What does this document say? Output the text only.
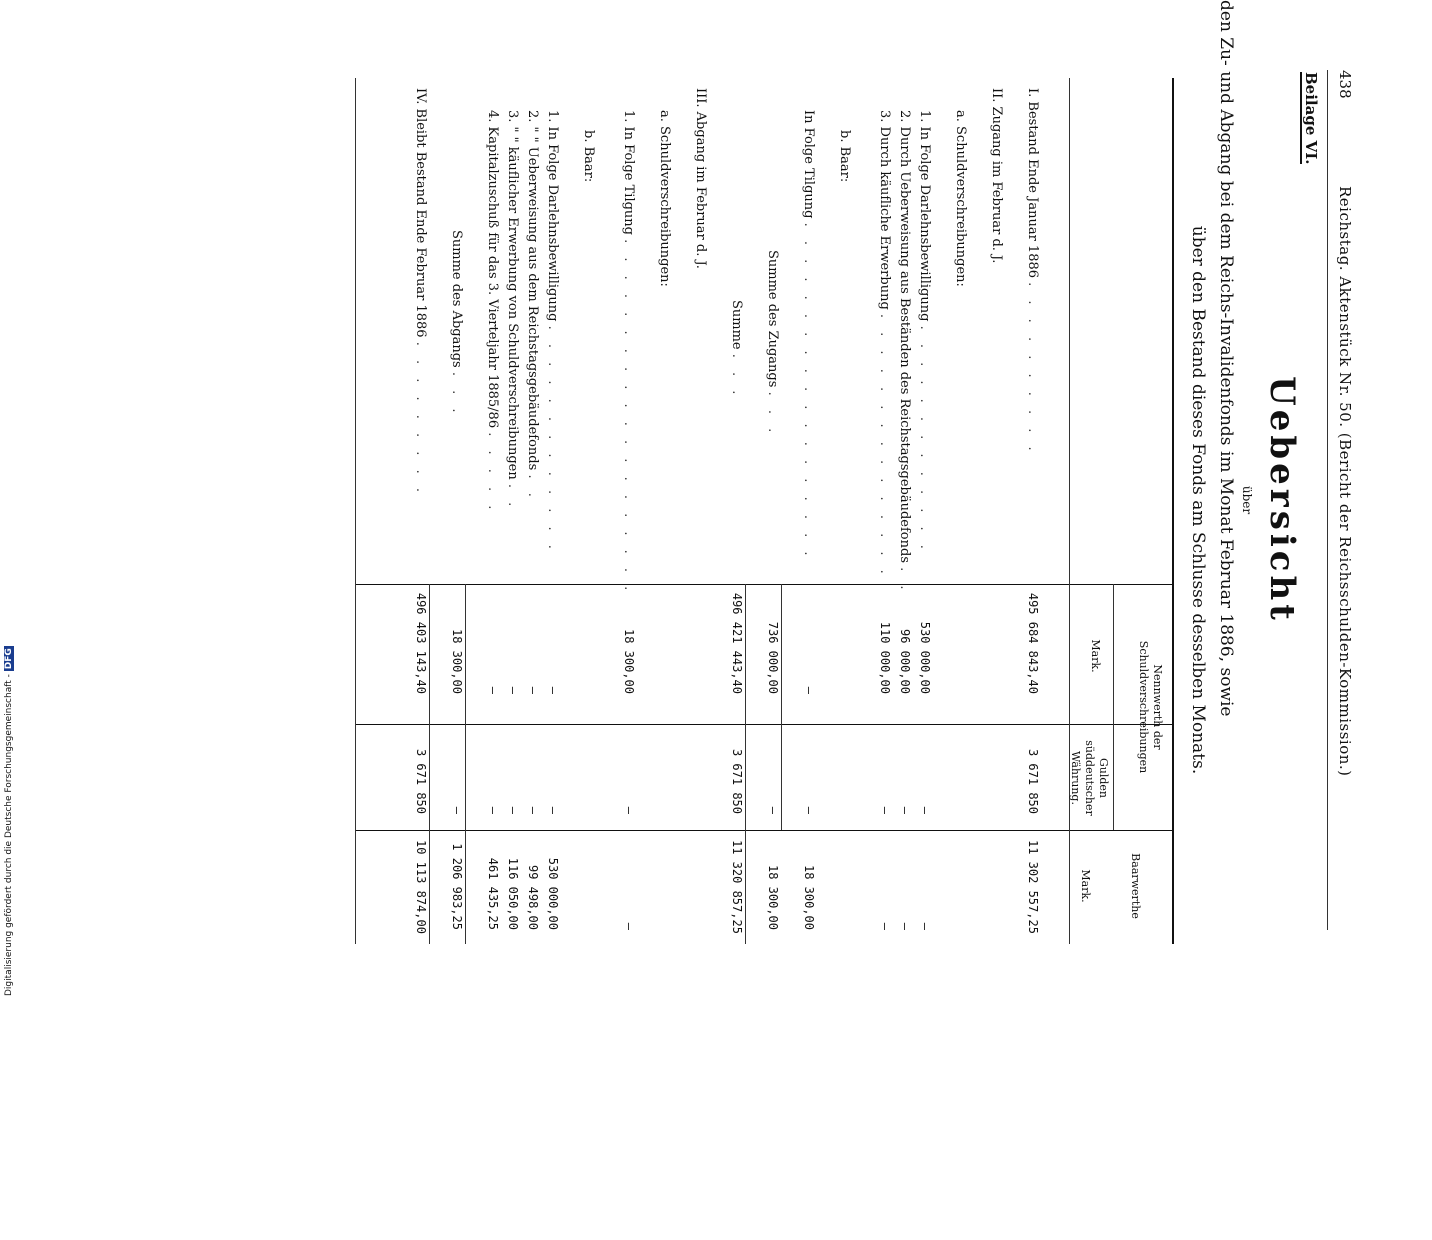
438
Reichstag. Aktenstück Nr. 50. (Bericht der Reichsschulden-Kommission.)
Beilage VI.
Uebersicht
über
den Zu- und Abgang bei dem Reichs-Invalidenfonds im Monat Februar 1886, sowie
über den Bestand dieses Fonds am Schlusse desselben Monats.
Nennwerth der Schuldverschreibungen
Mark.
Gulden süddeutscher Währung.
Baarwerthe
Mark.
I. Bestand Ende Januar 1886 . . . . . . . . . .
495 684 843,40
3 671 850
11 302 557,25
II. Zugang im Februar d. J.
a. Schuldverschreibungen:
1. In Folge Darlehnsbewilligung . . . . . . . . . . . . .
530 000,00
—
—
2. Durch Ueberweisung aus Beständen des Reichstagsgebäudefonds . .
96 000,00
—
—
3. Durch käufliche Erwerbung . . . . . . . . . . . . . . .
110 000,00
—
—
b. Baar:
In Folge Tilgung . . . . . . . . . . . . . . . . . . .
—
—
18 300,00
Summe des Zugangs . . .
736 000,00
—
18 300,00
Summe . . .
496 421 443,40
3 671 850
11 320 857,25
III. Abgang im Februar d. J.
a. Schuldverschreibungen:
1. In Folge Tilgung . . . . . . . . . . . . . . . . . . . .
18 300,00
—
—
b. Baar:
1. In Folge Darlehnsbewilligung . . . . . . . . . . . . .
—
—
530 000,00
2. " " Ueberweisung aus dem Reichstagsgebäudefonds . .
—
—
99 498,00
3. " " käuflicher Erwerbung von Schuldverschreibungen . .
—
—
116 050,00
4. Kapitalzuschuß für das 3. Vierteljahr 1885/86 . . . . .
—
—
461 435,25
Summe des Abgangs . . .
18 300,00
—
1 206 983,25
IV. Bleibt Bestand Ende Februar 1886 . . . . . . . . .
496 403 143,40
3 671 850
10 113 874,00
Digitalisierung gefördert durch die Deutsche Forschungsgemeinschaft - DFG
